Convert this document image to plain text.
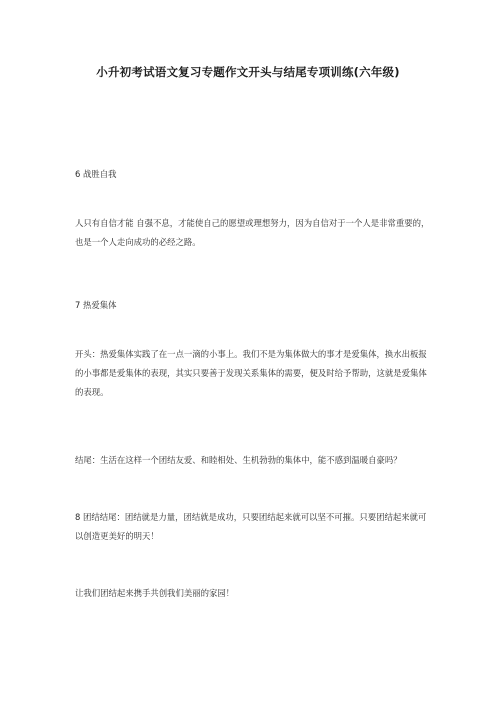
小升初考试语文复习专题作文开头与结尾专项训练(六年级)
6 战胜自我
人只有自信才能 自强不息，才能使自己的愿望或理想努力，因为自信对于一个人是非常重要的，也是一个人走向成功的必经之路。
7 热爱集体
开头：热爱集体实践了在一点一滴的小事上。我们不是为集体做大的事才是爱集体，换水出板报的小事都是爱集体的表现，其实只要善于发现关系集体的需要，便及时给予帮助，这就是爱集体的表现。
结尾：生活在这样一个团结友爱、和睦相处、生机勃勃的集体中，能不感到温暖自豪吗？
8 团结结尾：团结就是力量，团结就是成功，只要团结起来就可以坚不可摧。只要团结起来就可以创造更美好的明天！
让我们团结起来携手共创我们美丽的家园！
